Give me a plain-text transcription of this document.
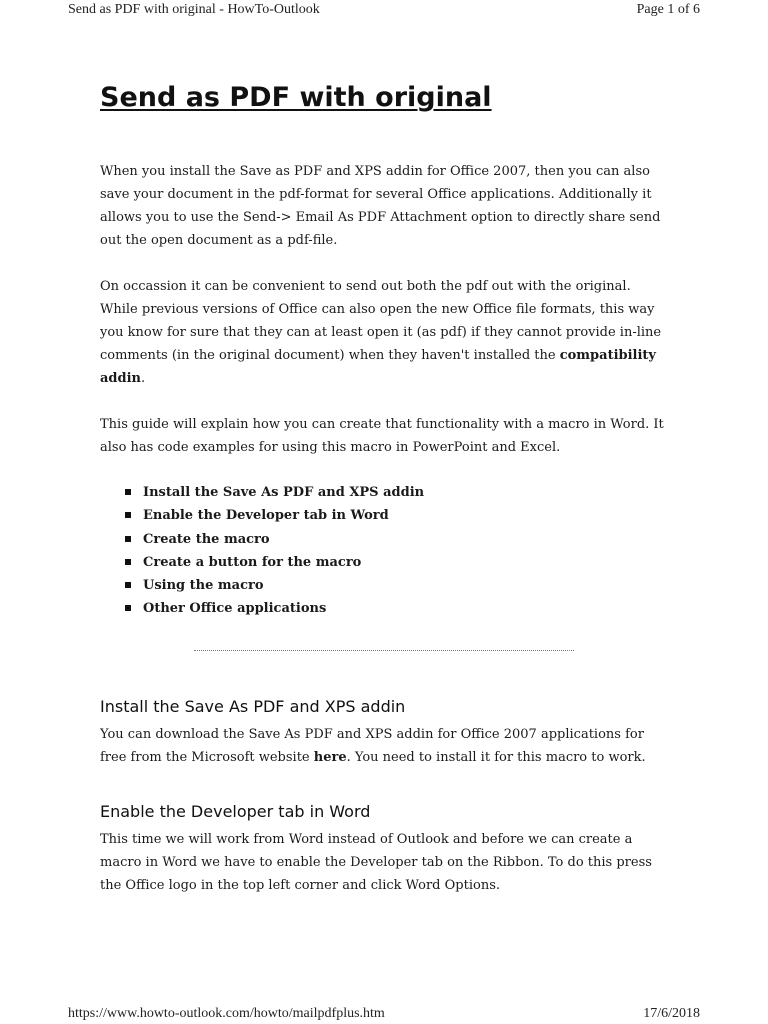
Send as PDF with original - HowTo-Outlook	Page 1 of 6
Send as PDF with original

When you install the Save as PDF and XPS addin for Office 2007, then you can also save your document in the pdf-format for several Office applications. Additionally it allows you to use the Send-> Email As PDF Attachment option to directly share send out the open document as a pdf-file.

On occassion it can be convenient to send out both the pdf out with the original. While previous versions of Office can also open the new Office file formats, this way you know for sure that they can at least open it (as pdf) if they cannot provide in-line comments (in the original document) when they haven't installed the compatibility addin.

This guide will explain how you can create that functionality with a macro in Word. It also has code examples for using this macro in PowerPoint and Excel.

Install the Save As PDF and XPS addin
Enable the Developer tab in Word
Create the macro
Create a button for the macro
Using the macro
Other Office applications
Install the Save As PDF and XPS addin

You can download the Save As PDF and XPS addin for Office 2007 applications for free from the Microsoft website here. You need to install it for this macro to work.

Enable the Developer tab in Word

This time we will work from Word instead of Outlook and before we can create a macro in Word we have to enable the Developer tab on the Ribbon. To do this press the Office logo in the top left corner and click Word Options.

https://www.howto-outlook.com/howto/mailpdfplus.htm	17/6/2018
